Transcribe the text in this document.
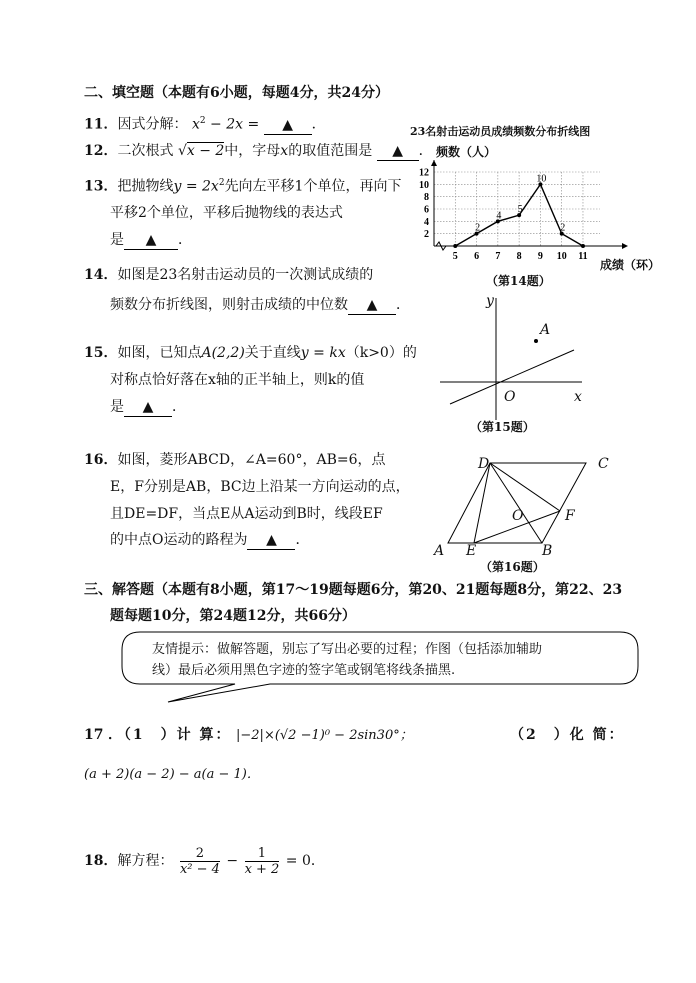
二、填空题（本题有6小题，每题4分，共24分）
11．因式分解： $x^2 - 2x$ = ▲ ．
12．二次根式 √x − 2中，字母x的取值范围是 ▲ ．
13．把抛物线$y = 2x^2$先向左平移1个单位，再向下
平移2个单位，平移后抛物线的表达式
是 ▲ ．
14．如图是23名射击运动员的一次测试成绩的
频数分布折线图，则射击成绩的中位数 ▲ ．
15．如图，已知点A(2,2)关于直线y = kx（k>0）的
对称点恰好落在x轴的正半轴上，则k的值
是 ▲ ．
16．如图，菱形ABCD，∠A=60°，AB=6，点
E，F分别是AB，BC边上沿某一方向运动的点，
且DE=DF，当点E从A运动到B时，线段EF
的中点O运动的路程为 ▲ ．
三、解答题（本题有8小题，第17～19题每题6分，第20、21题每题8分，第22、23
题每题10分，第24题12分，共66分）
友情提示：做解答题，别忘了写出必要的过程；作图（包括添加辅助
线）最后必须用黑色字迹的签字笔或钢笔将线条描黑.
17 ．（1　）计 算： |−2|×(√2 −1)⁰ − 2sin30°；	（2　）化 简：
(a + 2)(a − 2) − a(a − 1)．
18．解方程： $\frac{2}{\text{x² − 4}} - \frac{1}{x + 2} = 0$．
23名射击运动员成绩频数分布折线图
频数（人）
2
4
5
10
2
2
4
6
8
10
12
5 6 7 8 9 10 11
成绩（环）
（第14题）
y
x
O
A
（第15题）
A	B
C
D
E
F
O
（第16题）
